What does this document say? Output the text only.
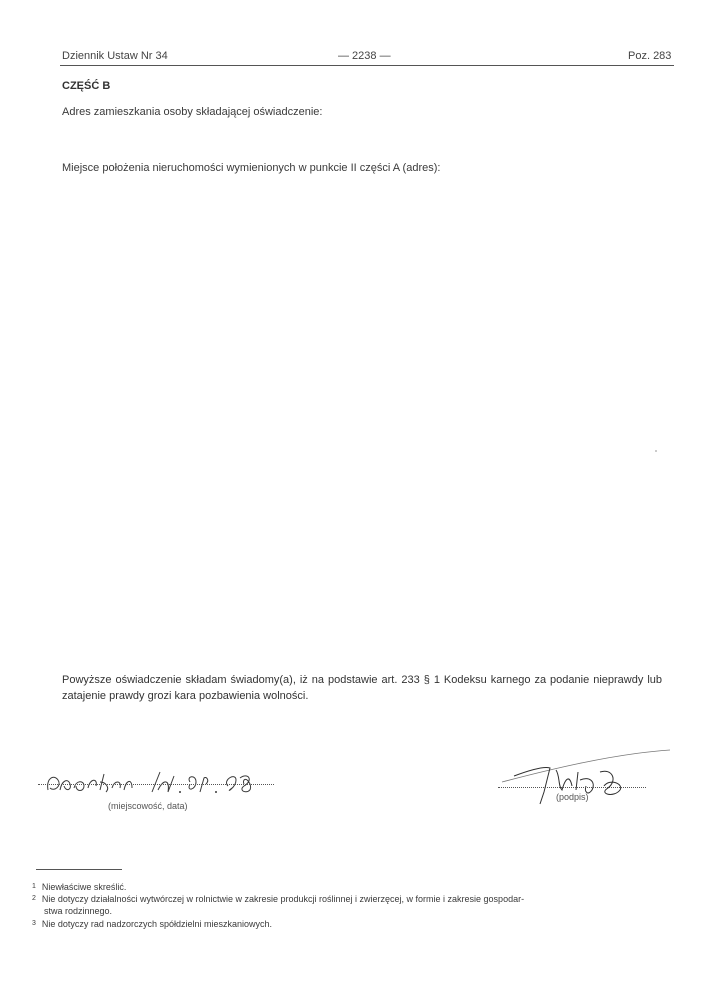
Dziennik Ustaw Nr 34	— 2238 —	Poz. 283
CZĘŚĆ B
Adres zamieszkania osoby składającej oświadczenie:
Miejsce położenia nieruchomości wymienionych w punkcie II części A (adres):
Powyższe oświadczenie składam świadomy(a), iż na podstawie art. 233 § 1 Kodeksu karnego za podanie nieprawdy lub zatajenie prawdy grozi kara pozbawienia wolności.
(miejscowość, data)
(podpis)
$^1$ Niewłaściwe skreślić.
$^2$ Nie dotyczy działalności wytwórczej w rolnictwie w zakresie produkcji roślinnej i zwierzęcej, w formie i zakresie gospodar-
stwa rodzinnego.
$^3$ Nie dotyczy rad nadzorczych spółdzielni mieszkaniowych.
